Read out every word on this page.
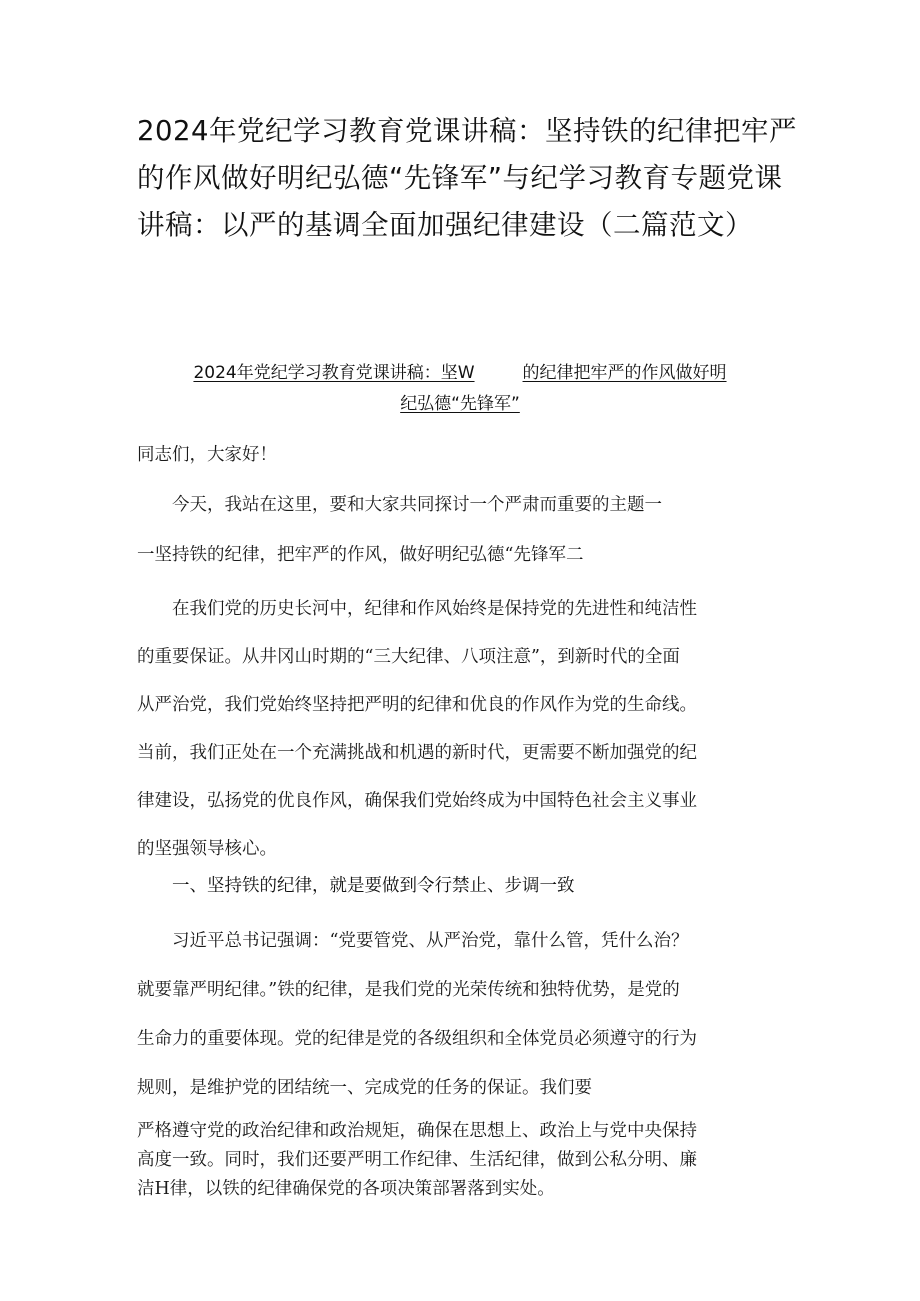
2024年党纪学习教育党课讲稿：坚持铁的纪律把牢严的作风做好明纪弘德“先锋军”与纪学习教育专题党课讲稿：以严的基调全面加强纪律建设（二篇范文）
2024年党纪学习教育党课讲稿：坚W	的纪律把牢严的作风做好明
纪弘德“先锋军”

同志们，大家好！

今天，我站在这里，要和大家共同探讨一个严肃而重要的主题一

一坚持铁的纪律，把牢严的作风，做好明纪弘德“先锋军二

在我们党的历史长河中，纪律和作风始终是保持党的先进性和纯洁性
的重要保证。从井冈山时期的“三大纪律、八项注意”，到新时代的全面
从严治党，我们党始终坚持把严明的纪律和优良的作风作为党的生命线。
当前，我们正处在一个充满挑战和机遇的新时代，更需要不断加强党的纪
律建设，弘扬党的优良作风，确保我们党始终成为中国特色社会主义事业
的坚强领导核心。
一、坚持铁的纪律，就是要做到令行禁止、步调一致
习近平总书记强调：“党要管党、从严治党，靠什么管，凭什么治？
就要靠严明纪律。”铁的纪律，是我们党的光荣传统和独特优势，是党的
生命力的重要体现。党的纪律是党的各级组织和全体党员必须遵守的行为
规则，是维护党的团结统一、完成党的任务的保证。我们要
严格遵守党的政治纪律和政治规矩，确保在思想上、政治上与党中央保持
高度一致。同时，我们还要严明工作纪律、生活纪律，做到公私分明、廉
洁H律，以铁的纪律确保党的各项决策部署落到实处。
